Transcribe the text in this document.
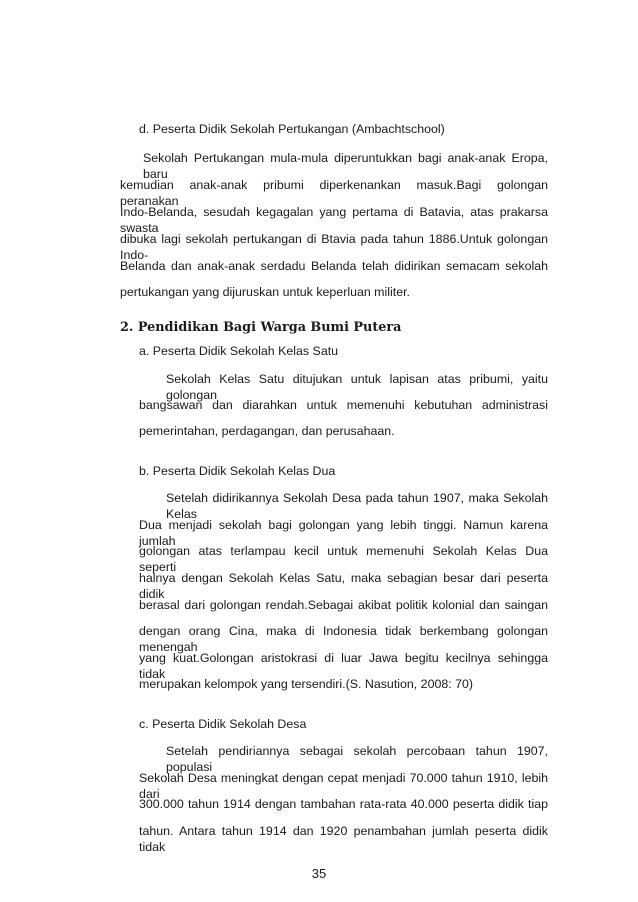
d. Peserta Didik Sekolah Pertukangan (Ambachtschool)
Sekolah Pertukangan mula-mula diperuntukkan bagi anak-anak Eropa, baru
kemudian anak-anak pribumi diperkenankan masuk.Bagi golongan peranakan
Indo-Belanda, sesudah kegagalan yang pertama di Batavia, atas prakarsa swasta
dibuka lagi sekolah pertukangan di Btavia pada tahun 1886.Untuk golongan Indo-
Belanda dan anak-anak serdadu Belanda telah didirikan semacam sekolah
pertukangan yang dijuruskan untuk keperluan militer.
2. Pendidikan Bagi Warga Bumi Putera
a. Peserta Didik Sekolah Kelas Satu
Sekolah Kelas Satu ditujukan untuk lapisan atas pribumi, yaitu golongan
bangsawan dan diarahkan untuk memenuhi kebutuhan administrasi
pemerintahan, perdagangan, dan perusahaan.
b. Peserta Didik Sekolah Kelas Dua
Setelah didirikannya Sekolah Desa pada tahun 1907, maka Sekolah Kelas
Dua menjadi sekolah bagi golongan yang lebih tinggi. Namun karena jumlah
golongan atas terlampau kecil untuk memenuhi Sekolah Kelas Dua seperti
halnya dengan Sekolah Kelas Satu, maka sebagian besar dari peserta didik
berasal dari golongan rendah.Sebagai akibat politik kolonial dan saingan
dengan orang Cina, maka di Indonesia tidak berkembang golongan menengah
yang kuat.Golongan aristokrasi di luar Jawa begitu kecilnya sehingga tidak
merupakan kelompok yang tersendiri.(S. Nasution, 2008: 70)
c. Peserta Didik Sekolah Desa
Setelah pendiriannya sebagai sekolah percobaan tahun 1907, populasi
Sekolah Desa meningkat dengan cepat menjadi 70.000 tahun 1910, lebih dari
300.000 tahun 1914 dengan tambahan rata-rata 40.000 peserta didik tiap
tahun. Antara tahun 1914 dan 1920 penambahan jumlah peserta didik tidak
35
